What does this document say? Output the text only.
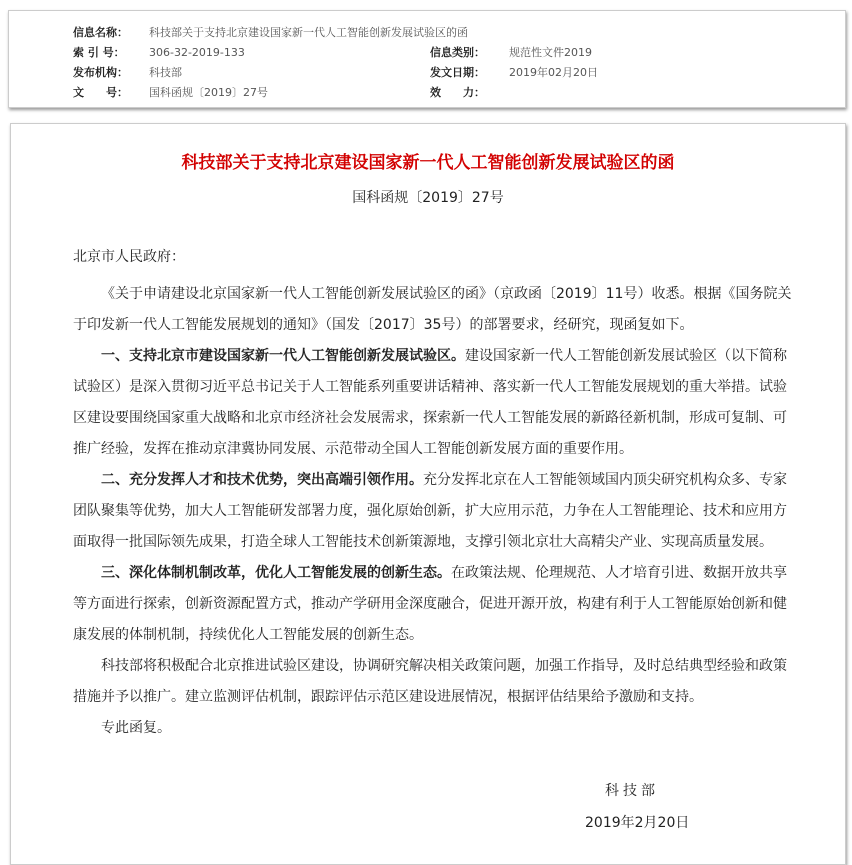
信息名称： 科技部关于支持北京建设国家新一代人工智能创新发展试验区的函
索 引 号： 306-32-2019-133	信息类别： 规范性文件2019
发布机构： 科技部	发文日期： 2019年02月20日
文　　号： 国科函规〔2019〕27号	效　　力：
科技部关于支持北京建设国家新一代人工智能创新发展试验区的函
国科函规〔2019〕27号

北京市人民政府：

《关于申请建设北京国家新一代人工智能创新发展试验区的函》（京政函〔2019〕11号）收悉。根据《国务院关于印发新一代人工智能发展规划的通知》（国发〔2017〕35号）的部署要求，经研究，现函复如下。

一、支持北京市建设国家新一代人工智能创新发展试验区。建设国家新一代人工智能创新发展试验区（以下简称试验区）是深入贯彻习近平总书记关于人工智能系列重要讲话精神、落实新一代人工智能发展规划的重大举措。试验区建设要围绕国家重大战略和北京市经济社会发展需求，探索新一代人工智能发展的新路径新机制，形成可复制、可推广经验，发挥在推动京津冀协同发展、示范带动全国人工智能创新发展方面的重要作用。

二、充分发挥人才和技术优势，突出高端引领作用。充分发挥北京在人工智能领域国内顶尖研究机构众多、专家团队聚集等优势，加大人工智能研发部署力度，强化原始创新，扩大应用示范，力争在人工智能理论、技术和应用方面取得一批国际领先成果，打造全球人工智能技术创新策源地，支撑引领北京壮大高精尖产业、实现高质量发展。

三、深化体制机制改革，优化人工智能发展的创新生态。在政策法规、伦理规范、人才培育引进、数据开放共享等方面进行探索，创新资源配置方式，推动产学研用金深度融合，促进开源开放，构建有利于人工智能原始创新和健康发展的体制机制，持续优化人工智能发展的创新生态。

科技部将积极配合北京推进试验区建设，协调研究解决相关政策问题，加强工作指导，及时总结典型经验和政策措施并予以推广。建立监测评估机制，跟踪评估示范区建设进展情况，根据评估结果给予激励和支持。

专此函复。

科技部
2019年2月20日
